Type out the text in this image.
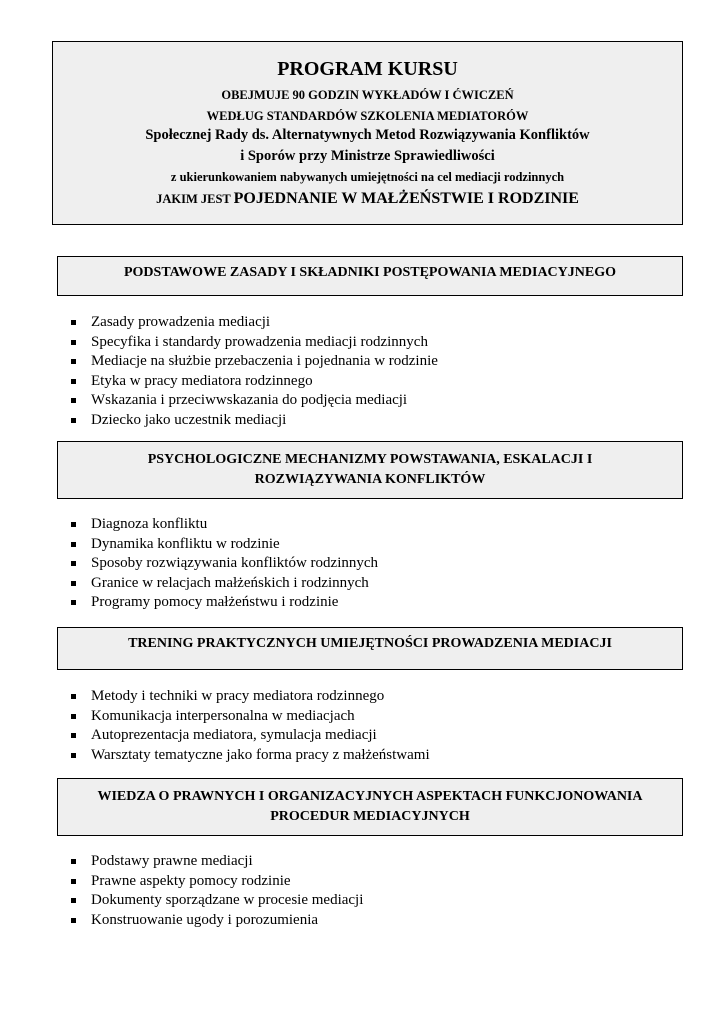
PROGRAM KURSU
OBEJMUJE 90 GODZIN WYKŁADÓW I ĆWICZEŃ
WEDŁUG STANDARDÓW SZKOLENIA MEDIATORÓW
Społecznej Rady ds. Alternatywnych Metod Rozwiązywania Konfliktów
i Sporów przy Ministrze Sprawiedliwości
z ukierunkowaniem nabywanych umiejętności na cel mediacji rodzinnych
JAKIM JEST POJEDNANIE W MAŁŻEŃSTWIE I RODZINIE
PODSTAWOWE ZASADY I SKŁADNIKI POSTĘPOWANIA MEDIACYJNEGO
Zasady prowadzenia mediacji
Specyfika i standardy prowadzenia mediacji rodzinnych
Mediacje na służbie przebaczenia i pojednania w rodzinie
Etyka w pracy mediatora rodzinnego
Wskazania i przeciwwskazania do podjęcia mediacji
Dziecko jako uczestnik mediacji
PSYCHOLOGICZNE MECHANIZMY POWSTAWANIA, ESKALACJI I ROZWIĄZYWANIA KONFLIKTÓW
Diagnoza konfliktu
Dynamika konfliktu w rodzinie
Sposoby rozwiązywania konfliktów rodzinnych
Granice w relacjach małżeńskich i rodzinnych
Programy pomocy małżeństwu i rodzinie
TRENING PRAKTYCZNYCH UMIEJĘTNOŚCI PROWADZENIA MEDIACJI
Metody i techniki w pracy mediatora rodzinnego
Komunikacja interpersonalna w mediacjach
Autoprezentacja mediatora, symulacja mediacji
Warsztaty tematyczne jako forma pracy z małżeństwami
WIEDZA O PRAWNYCH I ORGANIZACYJNYCH ASPEKTACH FUNKCJONOWANIA PROCEDUR MEDIACYJNYCH
Podstawy prawne mediacji
Prawne aspekty pomocy rodzinie
Dokumenty sporządzane w procesie mediacji
Konstruowanie ugody i porozumienia
